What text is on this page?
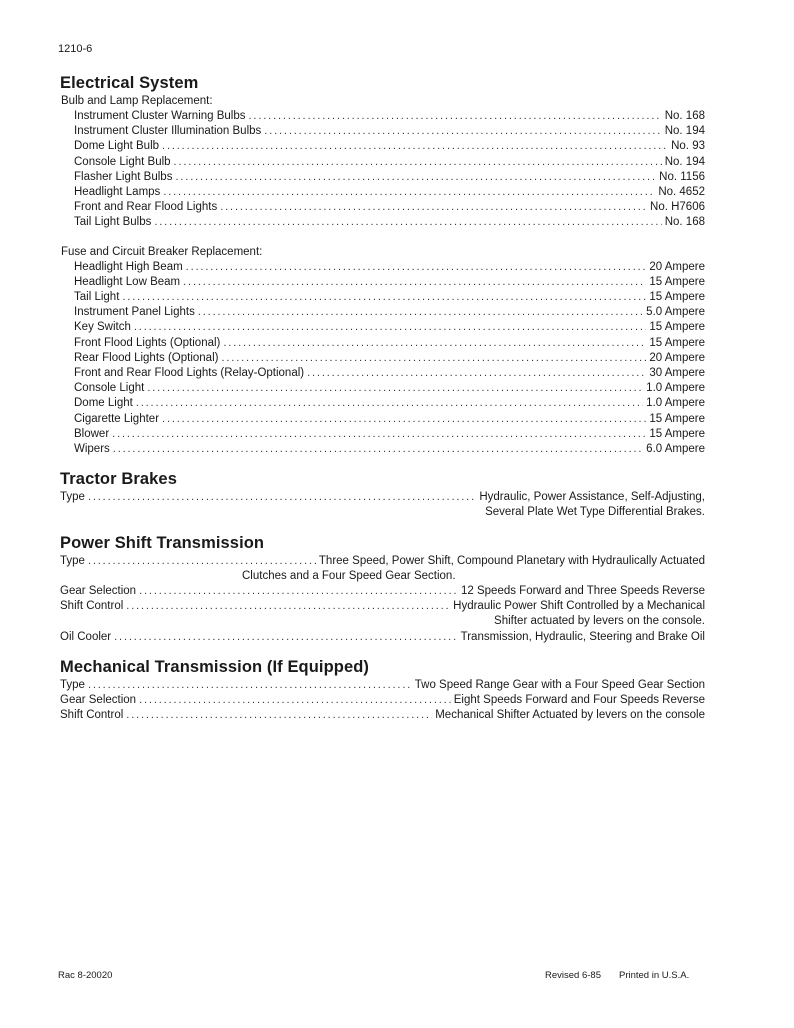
1210-6
Electrical System
Bulb and Lamp Replacement:
Instrument Cluster Warning Bulbs . . .	No. 168
Instrument Cluster Illumination Bulbs . . .	No. 194
Dome Light Bulb . . .	No. 93
Console Light Bulb . . .	No. 194
Flasher Light Bulbs . . .	No. 1156
Headlight Lamps . . .	No. 4652
Front and Rear Flood Lights . . .	No. H7606
Tail Light Bulbs . . .	No. 168
Fuse and Circuit Breaker Replacement:
Headlight High Beam . . .	20 Ampere
Headlight Low Beam . . .	15 Ampere
Tail Light . . .	15 Ampere
Instrument Panel Lights . . .	5.0 Ampere
Key Switch . . .	15 Ampere
Front Flood Lights (Optional) . . .	15 Ampere
Rear Flood Lights (Optional) . . .	20 Ampere
Front and Rear Flood Lights (Relay-Optional) . . .	30 Ampere
Console Light . . .	1.0 Ampere
Dome Light . . .	1.0 Ampere
Cigarette Lighter . . .	15 Ampere
Blower . . .	15 Ampere
Wipers . . .	6.0 Ampere
Tractor Brakes
Type . . .	Hydraulic, Power Assistance, Self-Adjusting,
Several Plate Wet Type Differential Brakes.
Power Shift Transmission
Type . . .	Three Speed, Power Shift, Compound Planetary with Hydraulically Actuated
Clutches and a Four Speed Gear Section.
Gear Selection . . .	12 Speeds Forward and Three Speeds Reverse
Shift Control . . .	Hydraulic Power Shift Controlled by a Mechanical
Shifter actuated by levers on the console.
Oil Cooler . . .	Transmission, Hydraulic, Steering and Brake Oil
Mechanical Transmission (If Equipped)
Type . . .	Two Speed Range Gear with a Four Speed Gear Section
Gear Selection . . .	Eight Speeds Forward and Four Speeds Reverse
Shift Control . . .	Mechanical Shifter Actuated by levers on the console
Rac 8-20020	Revised 6-85 Printed in U.S.A.
